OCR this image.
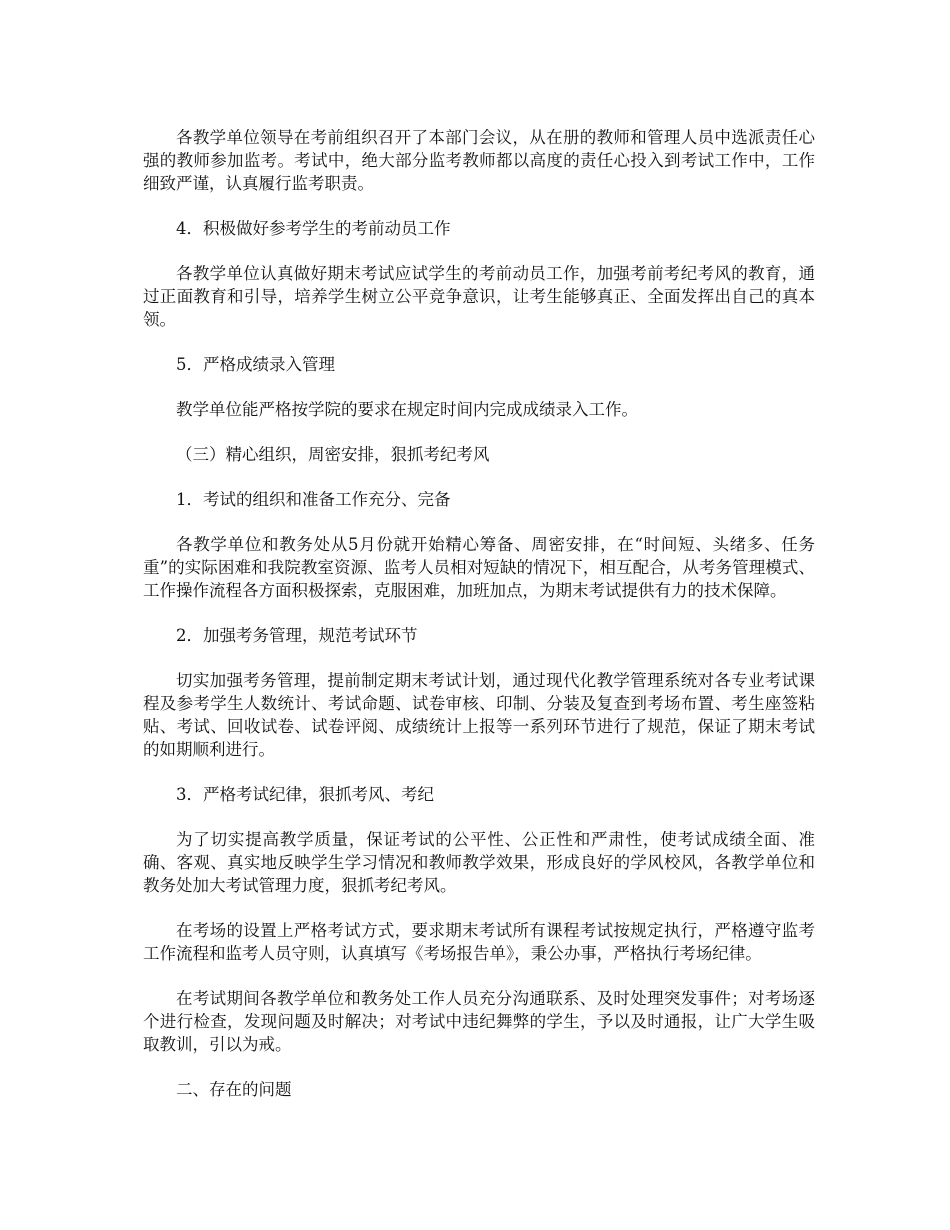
各教学单位领导在考前组织召开了本部门会议，从在册的教师和管理人员中选派责任心强的教师参加监考。考试中，绝大部分监考教师都以高度的责任心投入到考试工作中，工作细致严谨，认真履行监考职责。

4．积极做好参考学生的考前动员工作

各教学单位认真做好期末考试应试学生的考前动员工作，加强考前考纪考风的教育，通过正面教育和引导，培养学生树立公平竞争意识，让考生能够真正、全面发挥出自己的真本领。

5．严格成绩录入管理

教学单位能严格按学院的要求在规定时间内完成成绩录入工作。

（三）精心组织，周密安排，狠抓考纪考风

1．考试的组织和准备工作充分、完备

各教学单位和教务处从5月份就开始精心筹备、周密安排，在“时间短、头绪多、任务重”的实际困难和我院教室资源、监考人员相对短缺的情况下，相互配合，从考务管理模式、工作操作流程各方面积极探索，克服困难，加班加点，为期末考试提供有力的技术保障。

2．加强考务管理，规范考试环节

切实加强考务管理，提前制定期末考试计划，通过现代化教学管理系统对各专业考试课程及参考学生人数统计、考试命题、试卷审核、印制、分装及复查到考场布置、考生座签粘贴、考试、回收试卷、试卷评阅、成绩统计上报等一系列环节进行了规范，保证了期末考试的如期顺利进行。

3．严格考试纪律，狠抓考风、考纪

为了切实提高教学质量，保证考试的公平性、公正性和严肃性，使考试成绩全面、准确、客观、真实地反映学生学习情况和教师教学效果，形成良好的学风校风，各教学单位和教务处加大考试管理力度，狠抓考纪考风。

在考场的设置上严格考试方式，要求期末考试所有课程考试按规定执行，严格遵守监考工作流程和监考人员守则，认真填写《考场报告单》，秉公办事，严格执行考场纪律。

在考试期间各教学单位和教务处工作人员充分沟通联系、及时处理突发事件；对考场逐个进行检查，发现问题及时解决；对考试中违纪舞弊的学生，予以及时通报，让广大学生吸取教训，引以为戒。

二、存在的问题
